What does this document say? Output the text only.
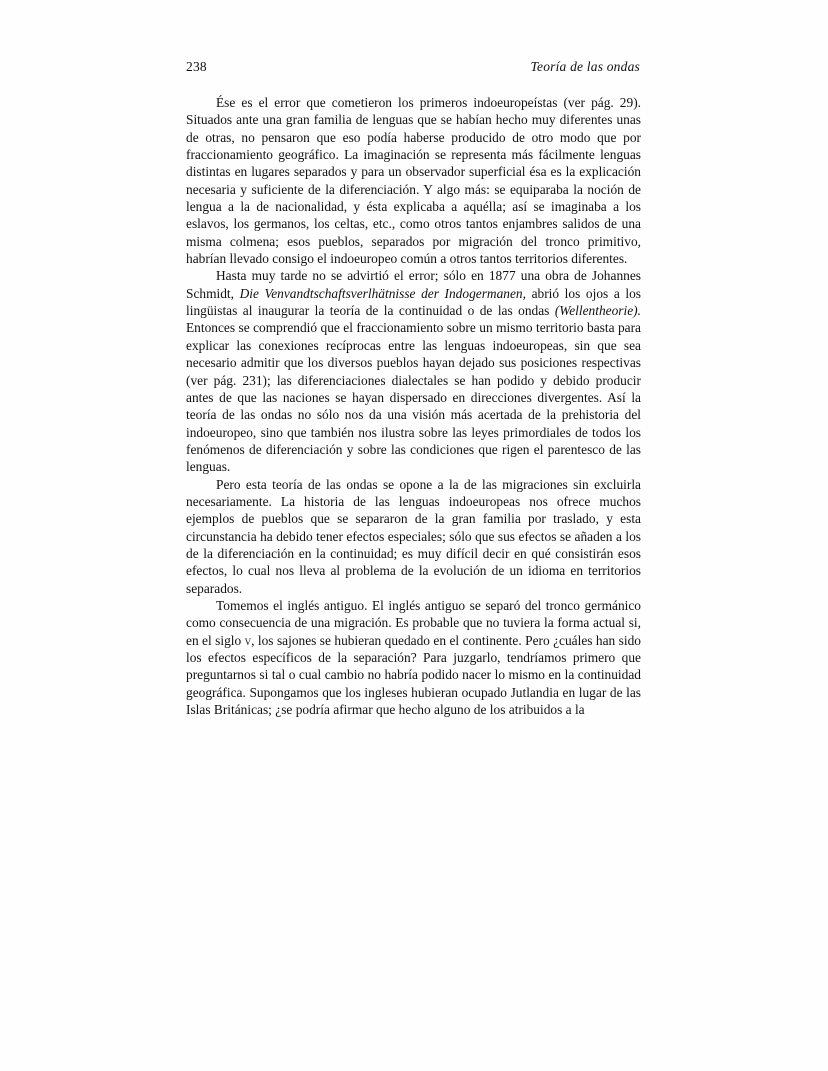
238	Teoría de las ondas

Ése es el error que cometieron los primeros indoeuropeístas (ver pág. 29). Situados ante una gran familia de lenguas que se habían hecho muy diferentes unas de otras, no pensaron que eso podía haberse producido de otro modo que por fraccionamiento geográfico. La imaginación se representa más fácilmente lenguas distintas en lugares separados y para un observador superficial ésa es la explicación necesaria y suficiente de la diferenciación. Y algo más: se equiparaba la noción de lengua a la de nacionalidad, y ésta explicaba a aquélla; así se imaginaba a los eslavos, los germanos, los celtas, etc., como otros tantos enjambres salidos de una misma colmena; esos pueblos, separados por migración del tronco primitivo, habrían llevado consigo el indoeuropeo común a otros tantos territorios diferentes.

Hasta muy tarde no se advirtió el error; sólo en 1877 una obra de Johannes Schmidt, Die Venvandtschaftsverlhätnisse der Indogermanen, abrió los ojos a los lingüistas al inaugurar la teoría de la continuidad o de las ondas (Wellentheorie). Entonces se comprendió que el fraccionamiento sobre un mismo territorio basta para explicar las conexiones recíprocas entre las lenguas indoeuropeas, sin que sea necesario admitir que los diversos pueblos hayan dejado sus posiciones respectivas (ver pág. 231); las diferenciaciones dialectales se han podido y debido producir antes de que las naciones se hayan dispersado en direcciones divergentes. Así la teoría de las ondas no sólo nos da una visión más acertada de la prehistoria del indoeuropeo, sino que también nos ilustra sobre las leyes primordiales de todos los fenómenos de diferenciación y sobre las condiciones que rigen el parentesco de las lenguas.

Pero esta teoría de las ondas se opone a la de las migraciones sin excluirla necesariamente. La historia de las lenguas indoeuropeas nos ofrece muchos ejemplos de pueblos que se separaron de la gran familia por traslado, y esta circunstancia ha debido tener efectos especiales; sólo que sus efectos se añaden a los de la diferenciación en la continuidad; es muy difícil decir en qué consistirán esos efectos, lo cual nos lleva al problema de la evolución de un idioma en territorios separados.

Tomemos el inglés antiguo. El inglés antiguo se separó del tronco germánico como consecuencia de una migración. Es probable que no tuviera la forma actual si, en el siglo v, los sajones se hubieran quedado en el continente. Pero ¿cuáles han sido los efectos específicos de la separación? Para juzgarlo, tendríamos primero que preguntarnos si tal o cual cambio no habría podido nacer lo mismo en la continuidad geográfica. Supongamos que los ingleses hubieran ocupado Jutlandia en lugar de las Islas Británicas; ¿se podría afirmar que hecho alguno de los atribuidos a la
